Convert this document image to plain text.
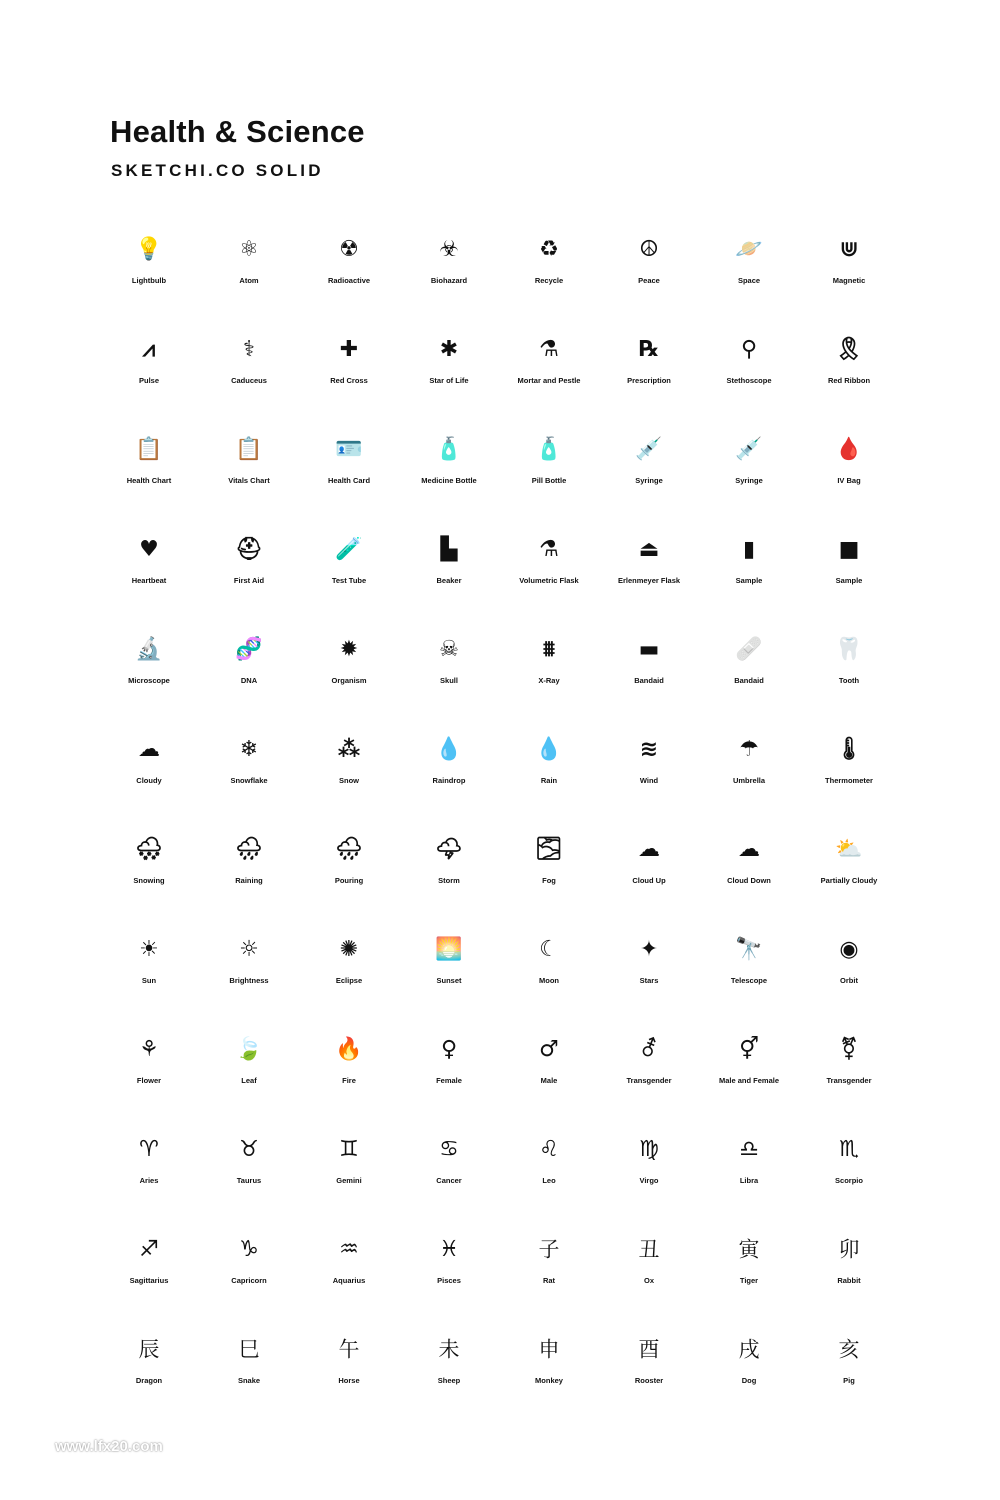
Health & Science
SKETCHI.CO SOLID
💡
Lightbulb
⚛
Atom
☢
Radioactive
☣
Biohazard
♻
Recycle
☮
Peace
🪐
Space
⋓
Magnetic
⩘
Pulse
⚕
Caduceus
✚
Red Cross
✱
Star of Life
⚗
Mortar and Pestle
℞
Prescription
⚲
Stethoscope
🎗
Red Ribbon
📋
Health Chart
📋
Vitals Chart
🪪
Health Card
🧴
Medicine Bottle
🧴
Pill Bottle
💉
Syringe
💉
Syringe
🩸
IV Bag
♥
Heartbeat
⛑
First Aid
🧪
Test Tube
▙
Beaker
⚗
Volumetric Flask
⏏
Erlenmeyer Flask
▮
Sample
■
Sample
🔬
Microscope
🧬
DNA
✹
Organism
☠
Skull
⩩
X-Ray
▬
Bandaid
🩹
Bandaid
🦷
Tooth
☁
Cloudy
❄
Snowflake
⁂
Snow
💧
Raindrop
💧
Rain
≋
Wind
☂
Umbrella
🌡
Thermometer
🌨
Snowing
🌧
Raining
🌧
Pouring
🌩
Storm
🌫
Fog
☁
Cloud Up
☁
Cloud Down
⛅
Partially Cloudy
☀
Sun
☼
Brightness
✺
Eclipse
🌅
Sunset
☾
Moon
✦
Stars
🔭
Telescope
◉
Orbit
⚘
Flower
🍃
Leaf
🔥
Fire
♀
Female
♂
Male
⚦
Transgender
⚥
Male and Female
⚧
Transgender
♈
Aries
♉
Taurus
♊
Gemini
♋
Cancer
♌
Leo
♍
Virgo
♎
Libra
♏
Scorpio
♐
Sagittarius
♑
Capricorn
♒
Aquarius
♓
Pisces
子
Rat
丑
Ox
寅
Tiger
卯
Rabbit
辰
Dragon
巳
Snake
午
Horse
未
Sheep
申
Monkey
酉
Rooster
戌
Dog
亥
Pig
www.lfx20.com
